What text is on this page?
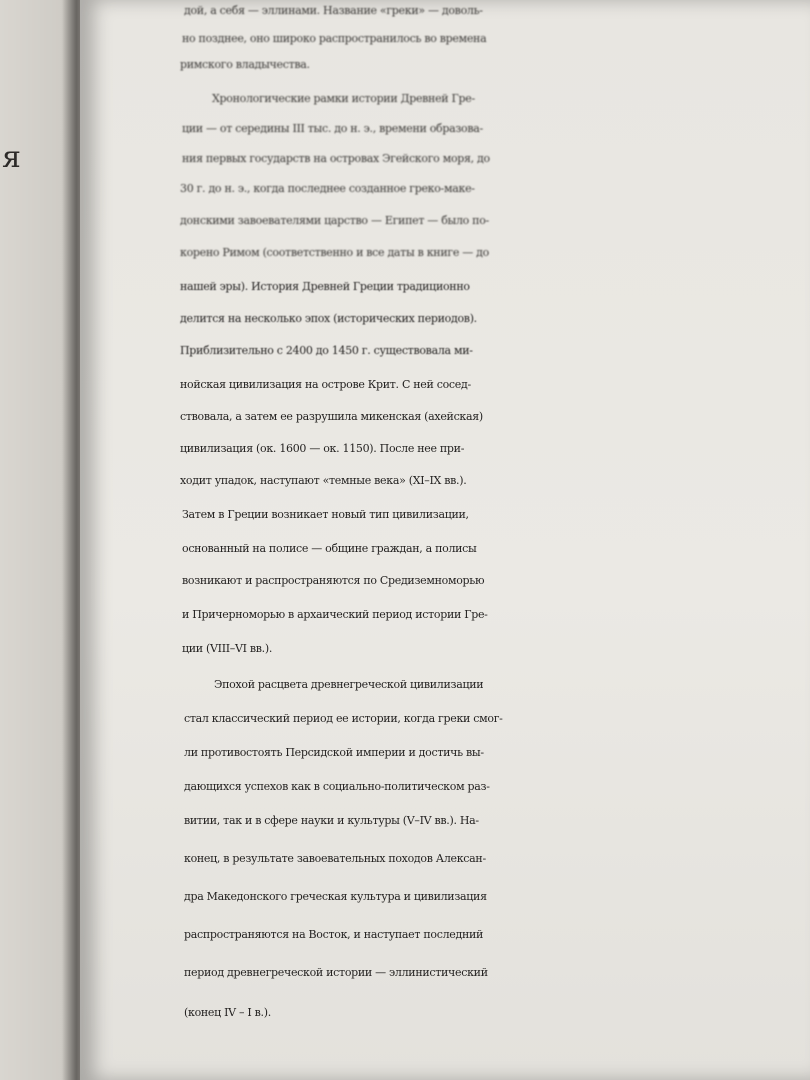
я
дой, а себя — эллинами. Название «греки» — доволь-
но позднее, оно широко распространилось во времена
римского владычества.
Хронологические рамки истории Древней Гре-
ции — от середины III тыс. до н. э., времени образова-
ния первых государств на островах Эгейского моря, до
30 г. до н. э., когда последнее созданное греко-маке-
донскими завоевателями царство — Египет — было по-
корено Римом (соответственно и все даты в книге — до
нашей эры). История Древней Греции традиционно
делится на несколько эпох (исторических периодов).
Приблизительно с 2400 до 1450 г. существовала ми-
нойская цивилизация на острове Крит. С ней сосед-
ствовала, а затем ее разрушила микенская (ахейская)
цивилизация (ок. 1600 — ок. 1150). После нее при-
ходит упадок, наступают «темные века» (XI–IX вв.).
Затем в Греции возникает новый тип цивилизации,
основанный на полисе — общине граждан, а полисы
возникают и распространяются по Средиземноморью
и Причерноморью в архаический период истории Гре-
ции (VIII–VI вв.).
Эпохой расцвета древнегреческой цивилизации
стал классический период ее истории, когда греки смог-
ли противостоять Персидской империи и достичь вы-
дающихся успехов как в социально-политическом раз-
витии, так и в сфере науки и культуры (V–IV вв.). На-
конец, в результате завоевательных походов Алексан-
дра Македонского греческая культура и цивилизация
распространяются на Восток, и наступает последний
период древнегреческой истории — эллинистический
(конец IV – I в.).
